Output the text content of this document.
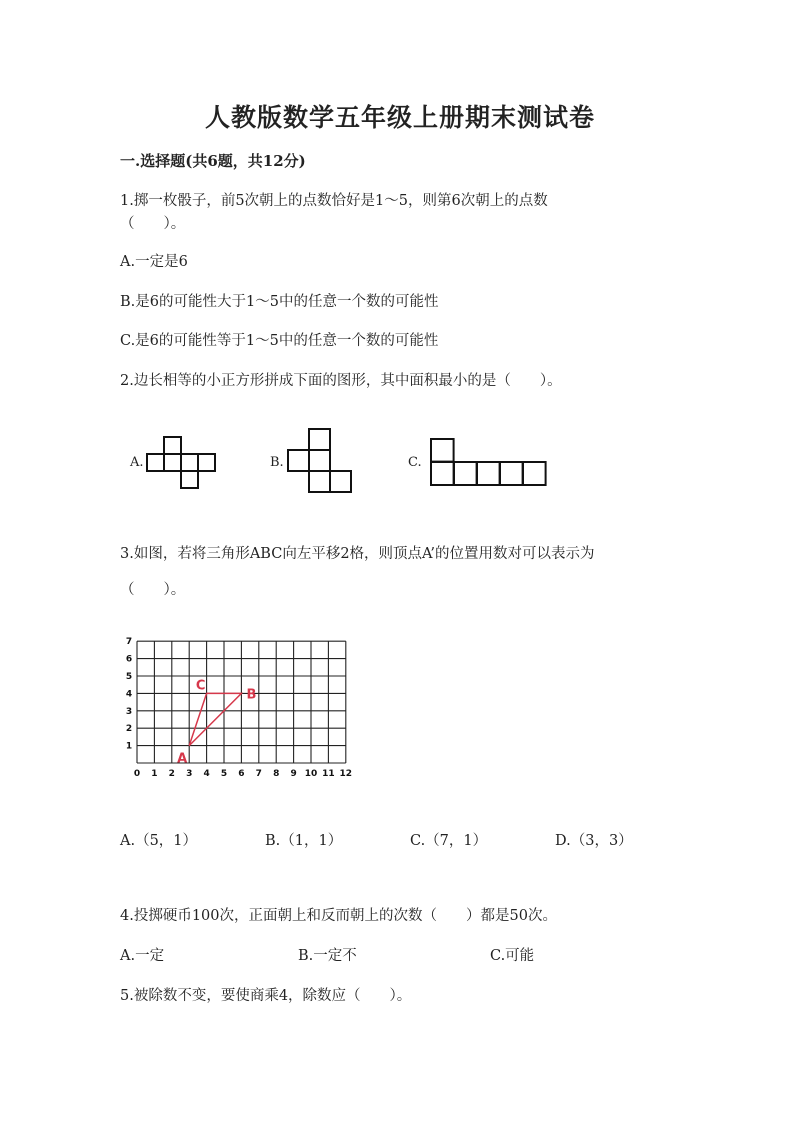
人教版数学五年级上册期末测试卷
一.选择题(共6题，共12分)
1.掷一枚骰子，前5次朝上的点数恰好是1～5，则第6次朝上的点数
（　　）。
A.一定是6
B.是6的可能性大于1～5中的任意一个数的可能性
C.是6的可能性等于1～5中的任意一个数的可能性
2.边长相等的小正方形拼成下面的图形，其中面积最小的是（　　）。
A.	B.	C.
3.如图，若将三角形ABC向左平移2格，则顶点A’的位置用数对可以表示为
（　　）。
0 1 2 3 4 5 6 7 8 9 10 11 12
1
2
3
4
5
6
7
A
B
C
A.（5，1）	B.（1，1）	C.（7，1）	D.（3，3）
4.投掷硬币100次，正面朝上和反而朝上的次数（　　）都是50次。
A.一定	B.一定不	C.可能
5.被除数不变，要使商乘4，除数应（　　）。
